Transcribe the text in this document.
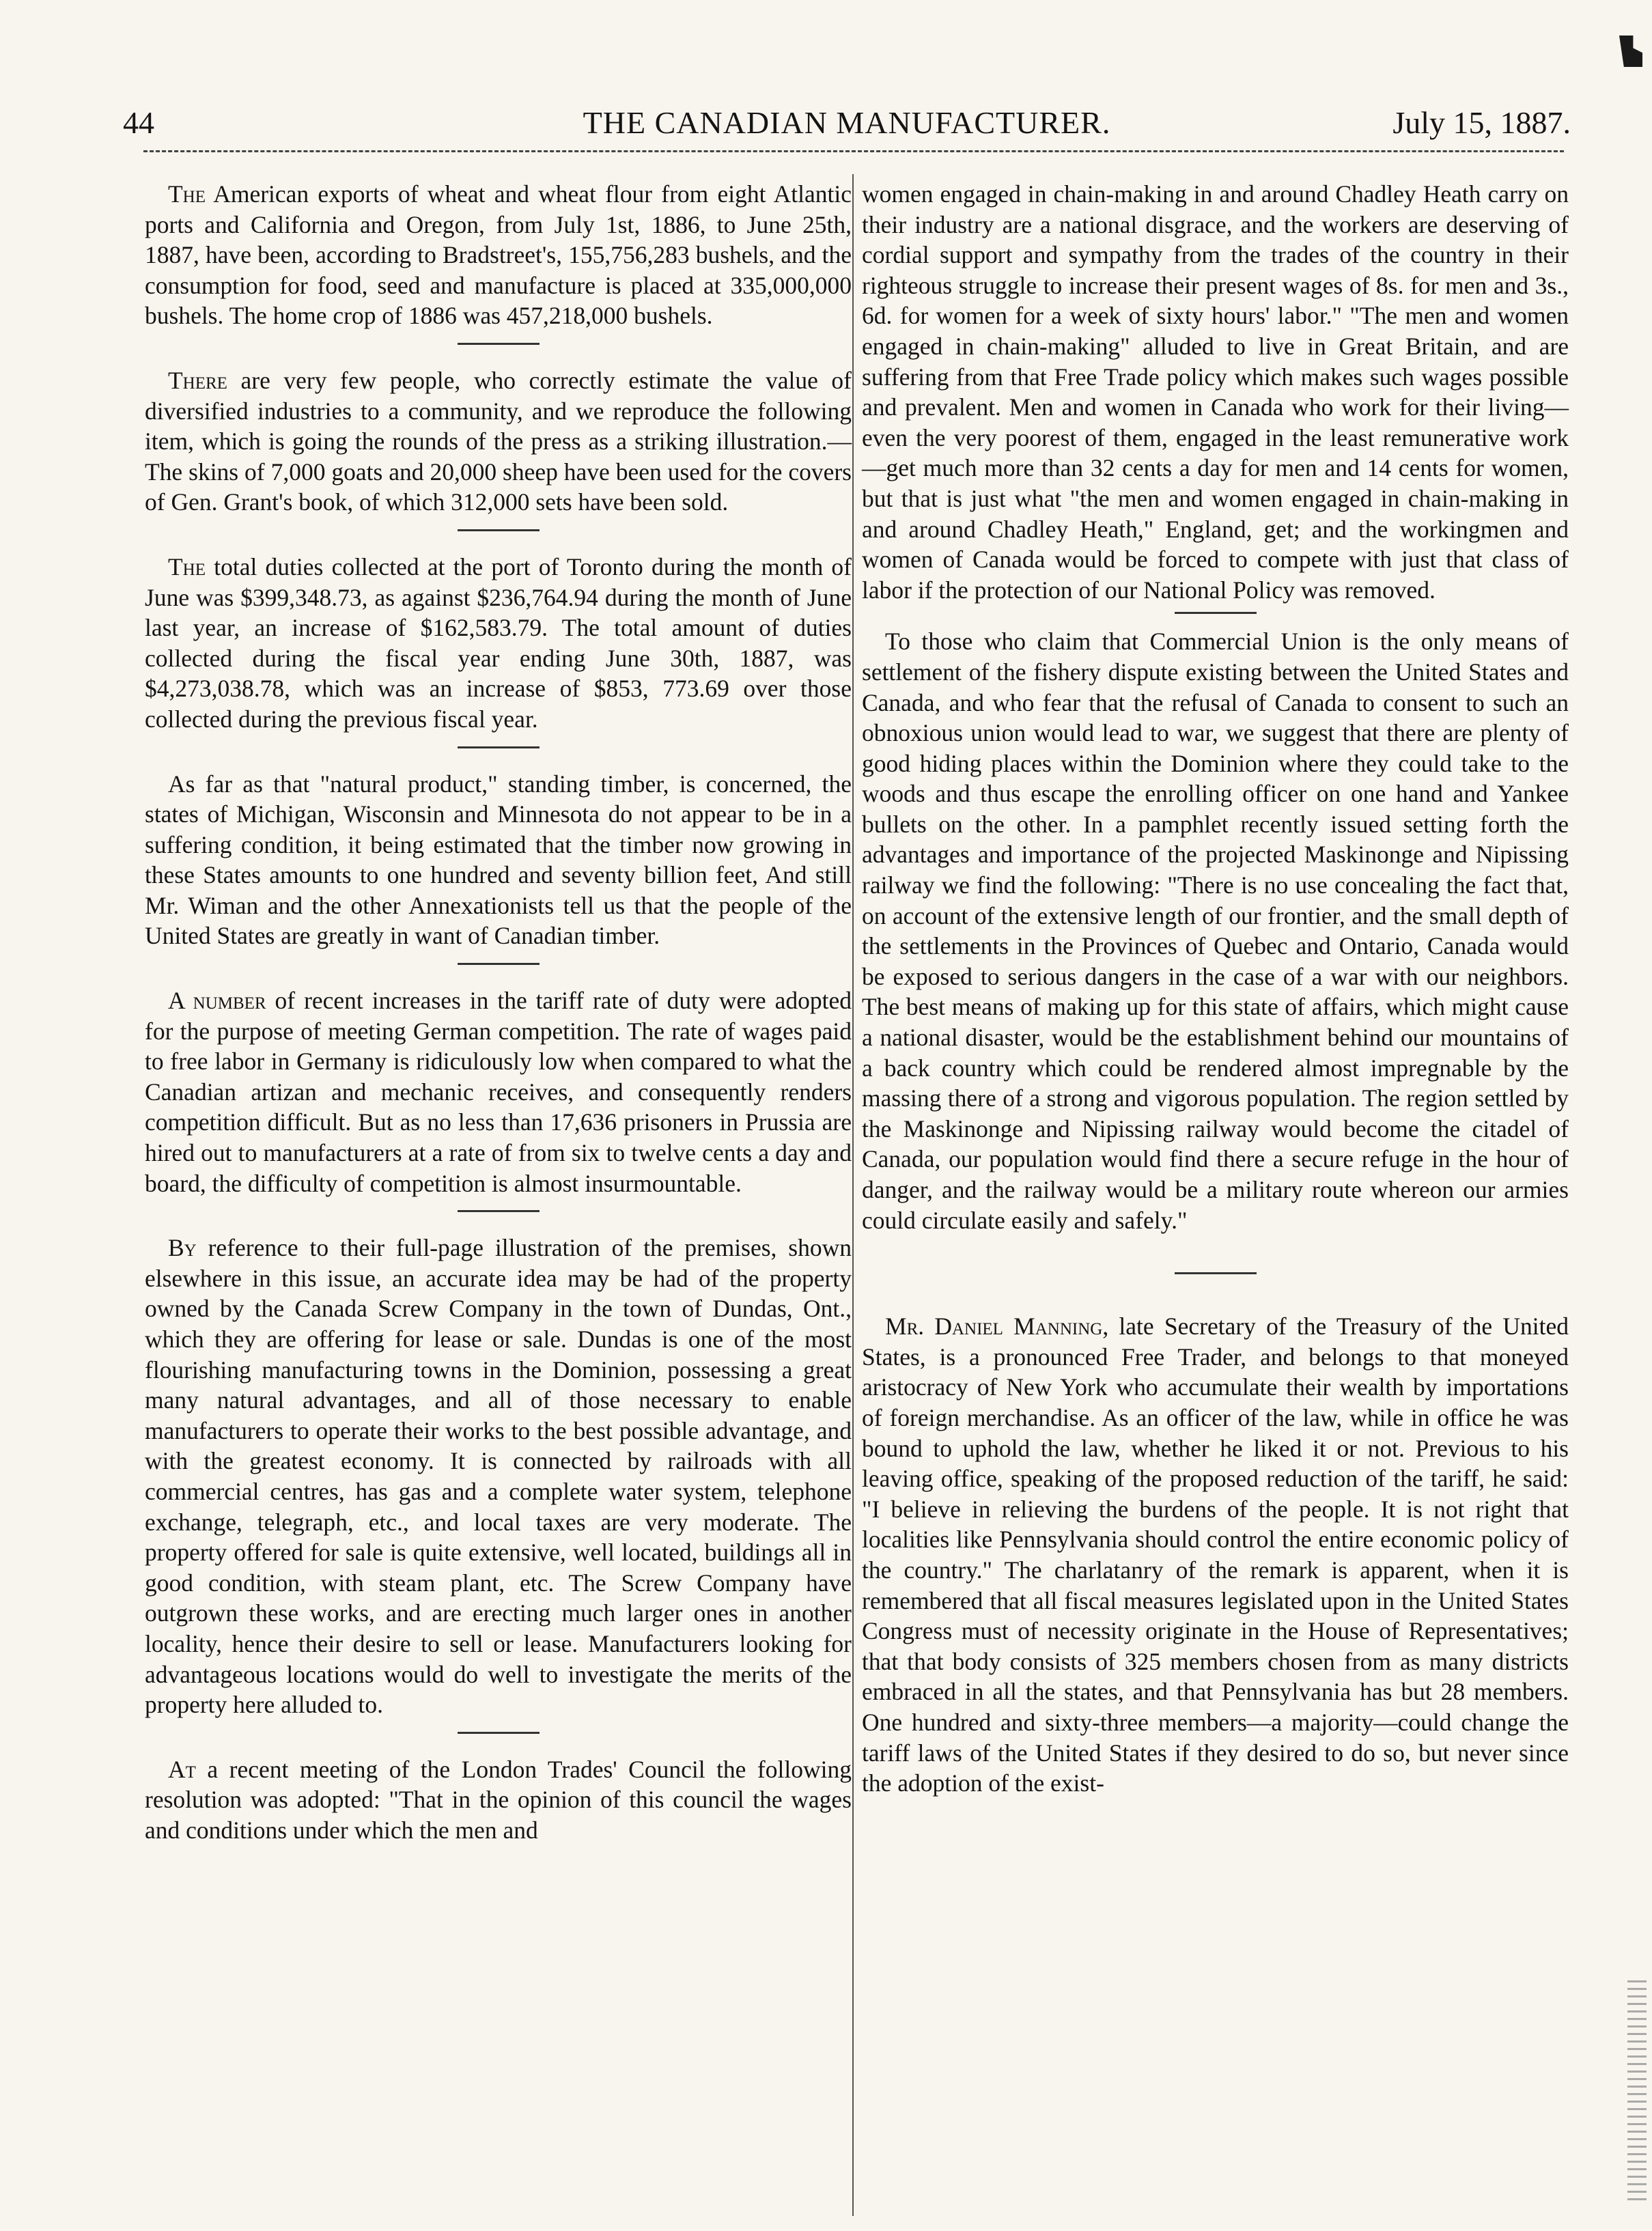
44	THE CANADIAN MANUFACTURER.	July 15, 1887.

The American exports of wheat and wheat flour from eight Atlantic ports and California and Oregon, from July 1st, 1886, to June 25th, 1887, have been, according to Bradstreet's, 155,756,283 bushels, and the consumption for food, seed and manufacture is placed at 335,000,000 bushels. The home crop of 1886 was 457,218,000 bushels.

There are very few people, who correctly estimate the value of diversified industries to a community, and we reproduce the following item, which is going the rounds of the press as a striking illustration.—The skins of 7,000 goats and 20,000 sheep have been used for the covers of Gen. Grant's book, of which 312,000 sets have been sold.

The total duties collected at the port of Toronto during the month of June was $399,348.73, as against $236,764.94 during the month of June last year, an increase of $162,583.79. The total amount of duties collected during the fiscal year ending June 30th, 1887, was $4,273,038.78, which was an increase of $853, 773.69 over those collected during the previous fiscal year.

As far as that "natural product," standing timber, is concerned, the states of Michigan, Wisconsin and Minnesota do not appear to be in a suffering condition, it being estimated that the timber now growing in these States amounts to one hundred and seventy billion feet, And still Mr. Wiman and the other Annexationists tell us that the people of the United States are greatly in want of Canadian timber.

A number of recent increases in the tariff rate of duty were adopted for the purpose of meeting German competition. The rate of wages paid to free labor in Germany is ridiculously low when compared to what the Canadian artizan and mechanic receives, and consequently renders competition difficult. But as no less than 17,636 prisoners in Prussia are hired out to manufacturers at a rate of from six to twelve cents a day and board, the difficulty of competition is almost insurmountable.

By reference to their full-page illustration of the premises, shown elsewhere in this issue, an accurate idea may be had of the property owned by the Canada Screw Company in the town of Dundas, Ont., which they are offering for lease or sale. Dundas is one of the most flourishing manufacturing towns in the Dominion, possessing a great many natural advantages, and all of those necessary to enable manufacturers to operate their works to the best possible advantage, and with the greatest economy. It is connected by railroads with all commercial centres, has gas and a complete water system, telephone exchange, telegraph, etc., and local taxes are very moderate. The property offered for sale is quite extensive, well located, buildings all in good condition, with steam plant, etc. The Screw Company have outgrown these works, and are erecting much larger ones in another locality, hence their desire to sell or lease. Manufacturers looking for advantageous locations would do well to investigate the merits of the property here alluded to.

At a recent meeting of the London Trades' Council the following resolution was adopted: "That in the opinion of this council the wages and conditions under which the men and

women engaged in chain-making in and around Chadley Heath carry on their industry are a national disgrace, and the workers are deserving of cordial support and sympathy from the trades of the country in their righteous struggle to increase their present wages of 8s. for men and 3s., 6d. for women for a week of sixty hours' labor." "The men and women engaged in chain-making" alluded to live in Great Britain, and are suffering from that Free Trade policy which makes such wages possible and prevalent. Men and women in Canada who work for their living—even the very poorest of them, engaged in the least remunerative work—get much more than 32 cents a day for men and 14 cents for women, but that is just what "the men and women engaged in chain-making in and around Chadley Heath," England, get; and the workingmen and women of Canada would be forced to compete with just that class of labor if the protection of our National Policy was removed.

To those who claim that Commercial Union is the only means of settlement of the fishery dispute existing between the United States and Canada, and who fear that the refusal of Canada to consent to such an obnoxious union would lead to war, we suggest that there are plenty of good hiding places within the Dominion where they could take to the woods and thus escape the enrolling officer on one hand and Yankee bullets on the other. In a pamphlet recently issued setting forth the advantages and importance of the projected Maskinonge and Nipissing railway we find the following: "There is no use concealing the fact that, on account of the extensive length of our frontier, and the small depth of the settlements in the Provinces of Quebec and Ontario, Canada would be exposed to serious dangers in the case of a war with our neighbors. The best means of making up for this state of affairs, which might cause a national disaster, would be the establishment behind our mountains of a back country which could be rendered almost impregnable by the massing there of a strong and vigorous population. The region settled by the Maskinonge and Nipissing railway would become the citadel of Canada, our population would find there a secure refuge in the hour of danger, and the railway would be a military route whereon our armies could circulate easily and safely."

Mr. Daniel Manning, late Secretary of the Treasury of the United States, is a pronounced Free Trader, and belongs to that moneyed aristocracy of New York who accumulate their wealth by importations of foreign merchandise. As an officer of the law, while in office he was bound to uphold the law, whether he liked it or not. Previous to his leaving office, speaking of the proposed reduction of the tariff, he said: "I believe in relieving the burdens of the people. It is not right that localities like Pennsylvania should control the entire economic policy of the country." The charlatanry of the remark is apparent, when it is remembered that all fiscal measures legislated upon in the United States Congress must of necessity originate in the House of Representatives; that that body consists of 325 members chosen from as many districts embraced in all the states, and that Pennsylvania has but 28 members. One hundred and sixty-three members—a majority—could change the tariff laws of the United States if they desired to do so, but never since the adoption of the exist-
